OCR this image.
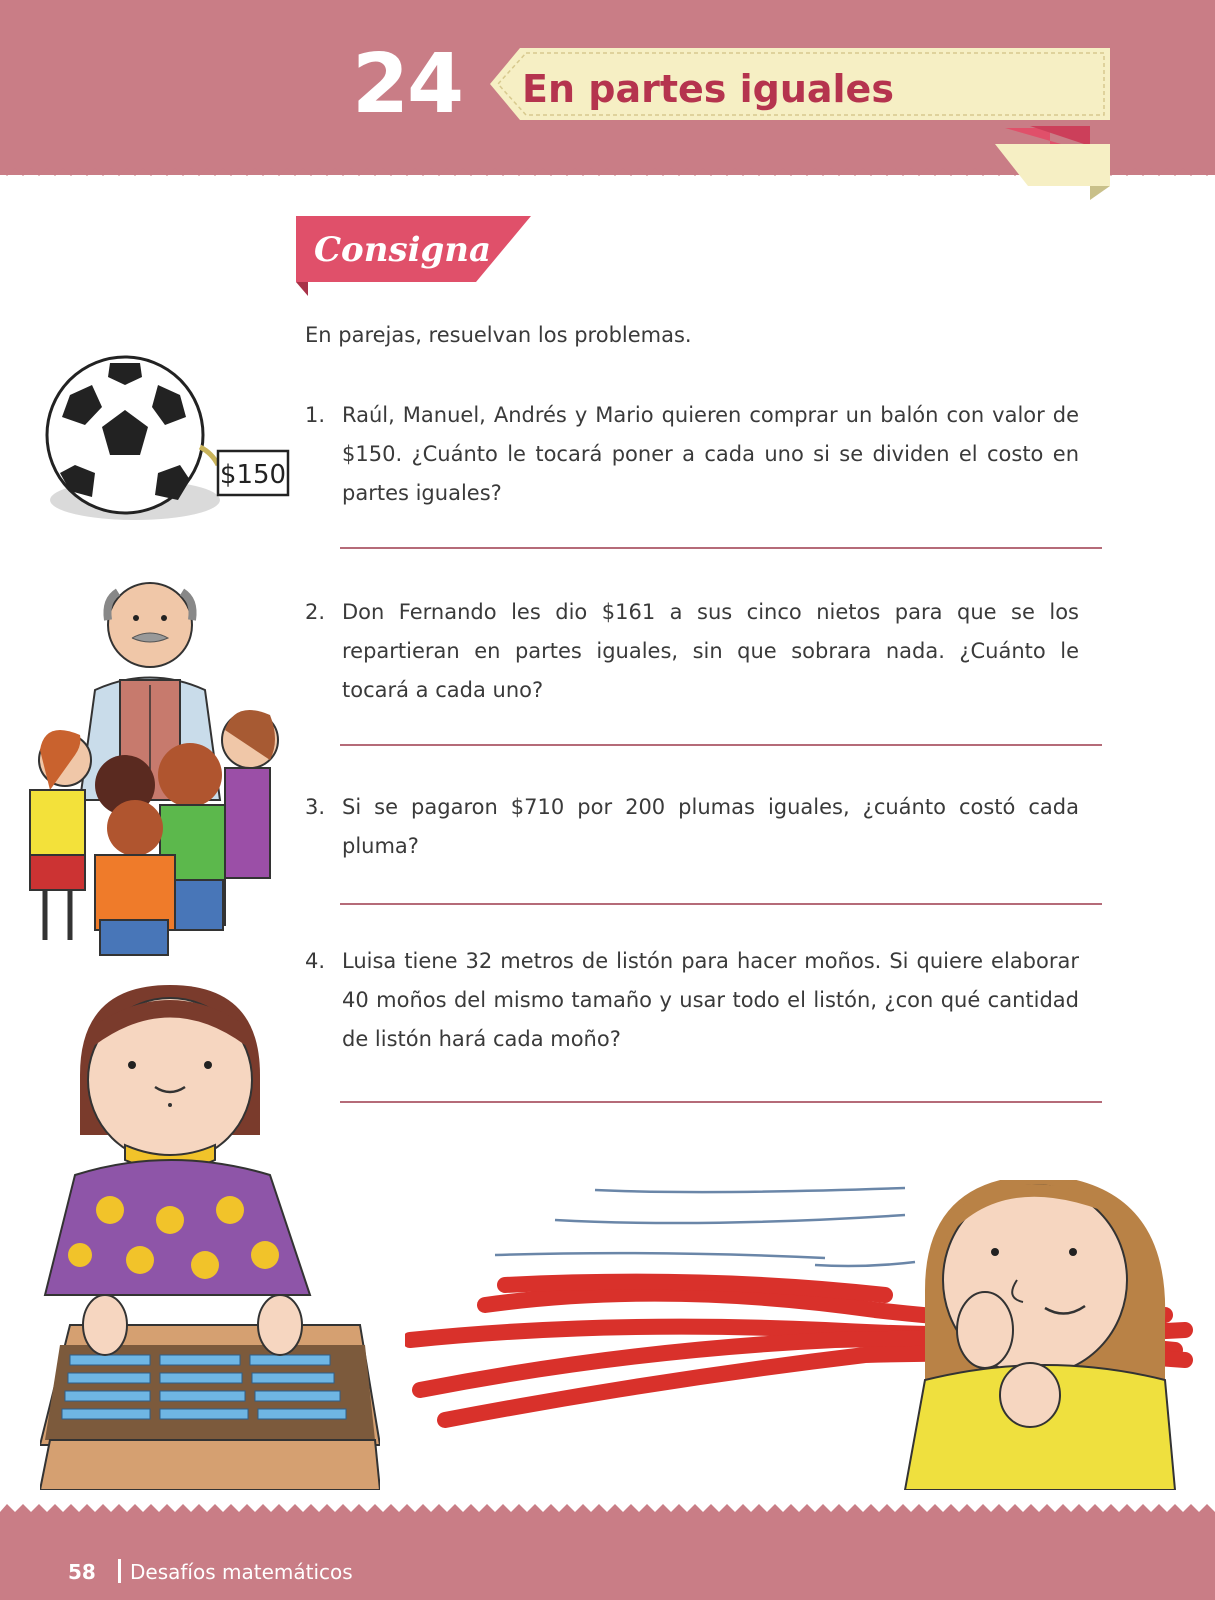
24 En partes iguales
Consigna
En parejas, resuelvan los problemas.
1. Raúl, Manuel, Andrés y Mario quieren comprar un balón con valor de $150. ¿Cuánto le tocará poner a cada uno si se dividen el costo en partes iguales?

2. Don Fernando les dio $161 a sus cinco nietos para que se los repartieran en partes iguales, sin que sobrara nada. ¿Cuánto le tocará a cada uno?

3. Si se pagaron $710 por 200 plumas iguales, ¿cuánto costó cada pluma?

4. Luisa tiene 32 metros de listón para hacer moños. Si quiere elaborar 40 moños del mismo tamaño y usar todo el listón, ¿con qué cantidad de listón hará cada moño?

$150
58 Desafíos matemáticos
